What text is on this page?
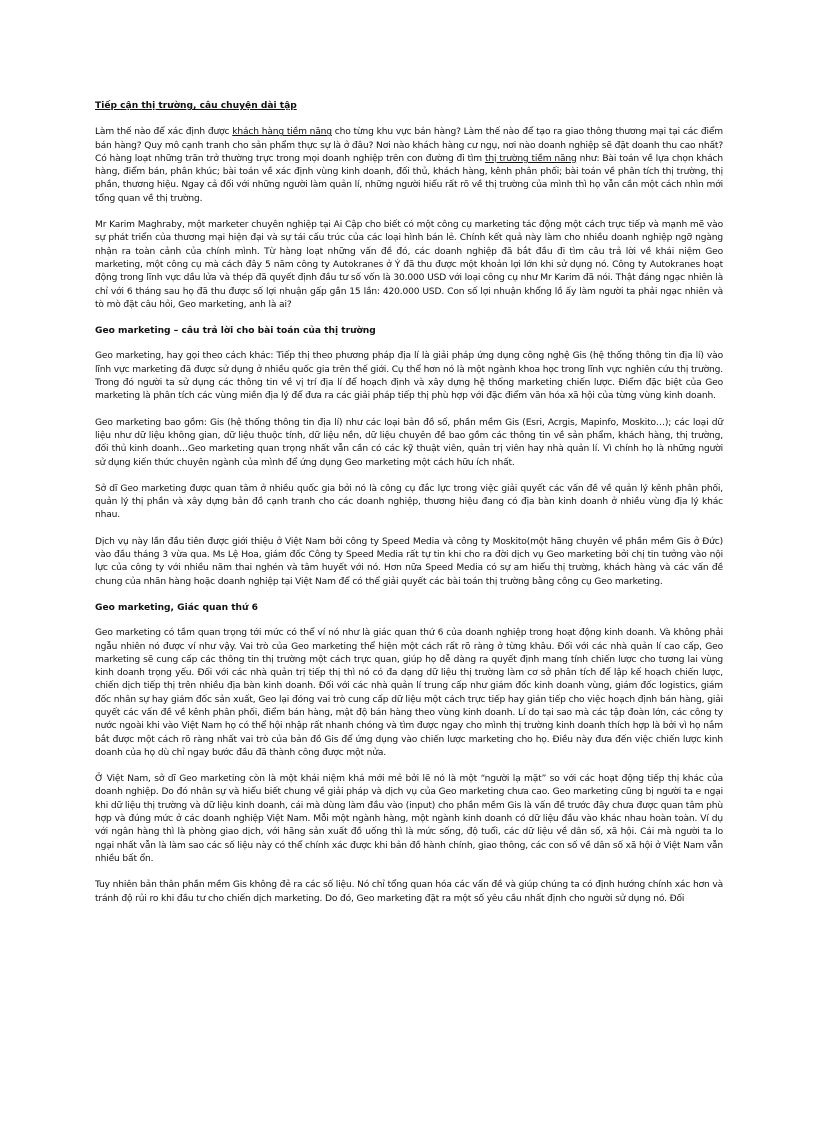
Tiếp cận thị trường, câu chuyện dài tập

Làm thế nào để xác định được khách hàng tiềm năng cho từng khu vực bán hàng? Làm thế nào để tạo ra giao thông thương mại tại các điểm bán hàng? Quy mô cạnh tranh cho sản phẩm thực sự là ở đâu? Nơi nào khách hàng cư ngụ, nơi nào doanh nghiệp sẽ đặt doanh thu cao nhất? Có hàng loạt những trăn trở thường trực trong mọi doanh nghiệp trên con đường đi tìm thị trường tiềm năng như: Bài toán về lựa chọn khách hàng, điểm bán, phân khúc; bài toán về xác định vùng kinh doanh, đối thủ, khách hàng, kênh phân phối; bài toán về phân tích thị trường, thị phần, thương hiệu. Ngay cả đối với những người làm quản lí, những người hiểu rất rõ về thị trường của mình thì họ vẫn cần một cách nhìn mới tổng quan về thị trường.

Mr Karim Maghraby, một marketer chuyên nghiệp tại Ai Cập cho biết có một công cụ marketing tác động một cách trực tiếp và mạnh mẽ vào sự phát triển của thương mại hiện đại và sự tái cấu trúc của các loại hình bán lẻ. Chính kết quả này làm cho nhiều doanh nghiệp ngỡ ngàng nhận ra toàn cảnh của chính mình. Từ hàng loạt những vấn đề đó, các doanh nghiệp đã bắt đầu đi tìm câu trả lời về khái niệm Geo marketing, một công cụ mà cách đây 5 năm công ty Autokranes ở Ý đã thu được một khoản lợi lớn khi sử dụng nó. Công ty Autokranes hoạt động trong lĩnh vực dầu lửa và thép đã quyết định đầu tư số vốn là 30.000 USD với loại công cụ như Mr Karim đã nói. Thật đáng ngạc nhiên là chỉ với 6 tháng sau họ đã thu được số lợi nhuận gấp gần 15 lần: 420.000 USD. Con số lợi nhuận khổng lồ ấy làm người ta phải ngạc nhiên và tò mò đặt câu hỏi, Geo marketing, anh là ai?

Geo marketing – câu trả lời cho bài toán của thị trường

Geo marketing, hay gọi theo cách khác: Tiếp thị theo phương pháp địa lí là giải pháp ứng dụng công nghệ Gis (hệ thống thông tin địa lí) vào lĩnh vực marketing đã được sử dụng ở nhiều quốc gia trên thế giới. Cụ thể hơn nó là một ngành khoa học trong lĩnh vực nghiên cứu thị trường. Trong đó người ta sử dụng các thông tin về vị trí địa lí để hoạch định và xây dựng hệ thống marketing chiến lược. Điểm đặc biệt của Geo marketing là phân tích các vùng miền địa lý để đưa ra các giải pháp tiếp thị phù hợp với đặc điểm văn hóa xã hội của từng vùng kinh doanh.

Geo marketing bao gồm: Gis (hệ thống thông tin địa lí) như các loại bản đồ số, phần mềm Gis (Esri, Acrgis, Mapinfo, Moskito…); các loại dữ liệu như dữ liệu không gian, dữ liệu thuộc tính, dữ liệu nền, dữ liệu chuyên đề bao gồm các thông tin về sản phẩm, khách hàng, thị trường, đối thủ kinh doanh…Geo marketing quan trọng nhất vẫn cần có các kỹ thuật viên, quản trị viên hay nhà quản lí. Vì chính họ là những người sử dụng kiến thức chuyên ngành của mình để ứng dụng Geo marketing một cách hữu ích nhất.

Sở dĩ Geo marketing được quan tâm ở nhiều quốc gia bởi nó là công cụ đắc lực trong việc giải quyết các vấn đề về quản lý kênh phân phối, quản lý thị phần và xây dựng bản đồ cạnh tranh cho các doanh nghiệp, thương hiệu đang có địa bàn kinh doanh ở nhiều vùng địa lý khác nhau.

Dịch vụ này lần đầu tiên được giới thiệu ở Việt Nam bởi công ty Speed Media và công ty Moskito(một hãng chuyên về phần mềm Gis ở Đức) vào đầu tháng 3 vừa qua. Ms Lệ Hoa, giám đốc Công ty Speed Media rất tự tin khi cho ra đời dịch vụ Geo marketing bởi chị tin tưởng vào nội lực của công ty với nhiều năm thai nghén và tâm huyết với nó. Hơn nữa Speed Media có sự am hiểu thị trường, khách hàng và các vấn đề chung của nhãn hàng hoặc doanh nghiệp tại Việt Nam để có thể giải quyết các bài toán thị trường bằng công cụ Geo marketing.

Geo marketing, Giác quan thứ 6

Geo marketing có tầm quan trọng tới mức có thể ví nó như là giác quan thứ 6 của doanh nghiệp trong hoạt động kinh doanh. Và không phải ngẫu nhiên nó được ví như vậy. Vai trò của Geo marketing thể hiện một cách rất rõ ràng ở từng khâu. Đối với các nhà quản lí cao cấp, Geo marketing sẽ cung cấp các thông tin thị trường một cách trực quan, giúp họ dễ dàng ra quyết định mang tính chiến lược cho tương lai vùng kinh doanh trọng yếu. Đối với các nhà quản trị tiếp thị thì nó có đa dạng dữ liệu thị trường làm cơ sở phân tích để lập kế hoạch chiến lược, chiến dịch tiếp thị trên nhiều địa bàn kinh doanh. Đối với các nhà quản lí trung cấp như giám đốc kinh doanh vùng, giám đốc logistics, giám đốc nhân sự hay giám đốc sản xuất, Geo lại đóng vai trò cung cấp dữ liệu một cách trực tiếp hay gián tiếp cho việc hoạch định bán hàng, giải quyết các vấn đề về kênh phân phối, điểm bán hàng, mật độ bán hàng theo vùng kinh doanh. Lí do tại sao mà các tập đoàn lớn, các công ty nước ngoài khi vào Việt Nam họ có thể hội nhập rất nhanh chóng và tìm được ngay cho mình thị trường kinh doanh thích hợp là bởi vì họ nắm bắt được một cách rõ ràng nhất vai trò của bản đồ Gis để ứng dụng vào chiến lược marketing cho họ. Điều này đưa đến việc chiến lược kinh doanh của họ dù chỉ ngay bước đầu đã thành công được một nửa.

Ở Việt Nam, sở dĩ Geo marketing còn là một khái niệm khá mới mẻ bởi lẽ nó là một “người lạ mặt” so với các hoạt động tiếp thị khác của doanh nghiệp. Do đó nhân sự và hiểu biết chung về giải pháp và dịch vụ của Geo marketing chưa cao. Geo marketing cũng bị người ta e ngại khi dữ liệu thị trường và dữ liệu kinh doanh, cái mà dùng làm đầu vào (input) cho phần mềm Gis là vấn đề trước đây chưa được quan tâm phù hợp và đúng mức ở các doanh nghiệp Việt Nam. Mỗi một ngành hàng, một ngành kinh doanh có dữ liệu đầu vào khác nhau hoàn toàn. Ví dụ với ngân hàng thì là phòng giao dịch, với hãng sản xuất đồ uống thì là mức sống, độ tuổi, các dữ liệu về dân số, xã hội. Cái mà người ta lo ngại nhất vẫn là làm sao các số liệu này có thể chính xác được khi bản đồ hành chính, giao thông, các con số về dân số xã hội ở Việt Nam vẫn nhiều bất ổn.

Tuy nhiên bản thân phần mềm Gis không đẻ ra các số liệu. Nó chỉ tổng quan hóa các vấn đề và giúp chúng ta có định hướng chính xác hơn và tránh độ rủi ro khi đầu tư cho chiến dịch marketing. Do đó, Geo marketing đặt ra một số yêu cầu nhất định cho người sử dụng nó. Đối
